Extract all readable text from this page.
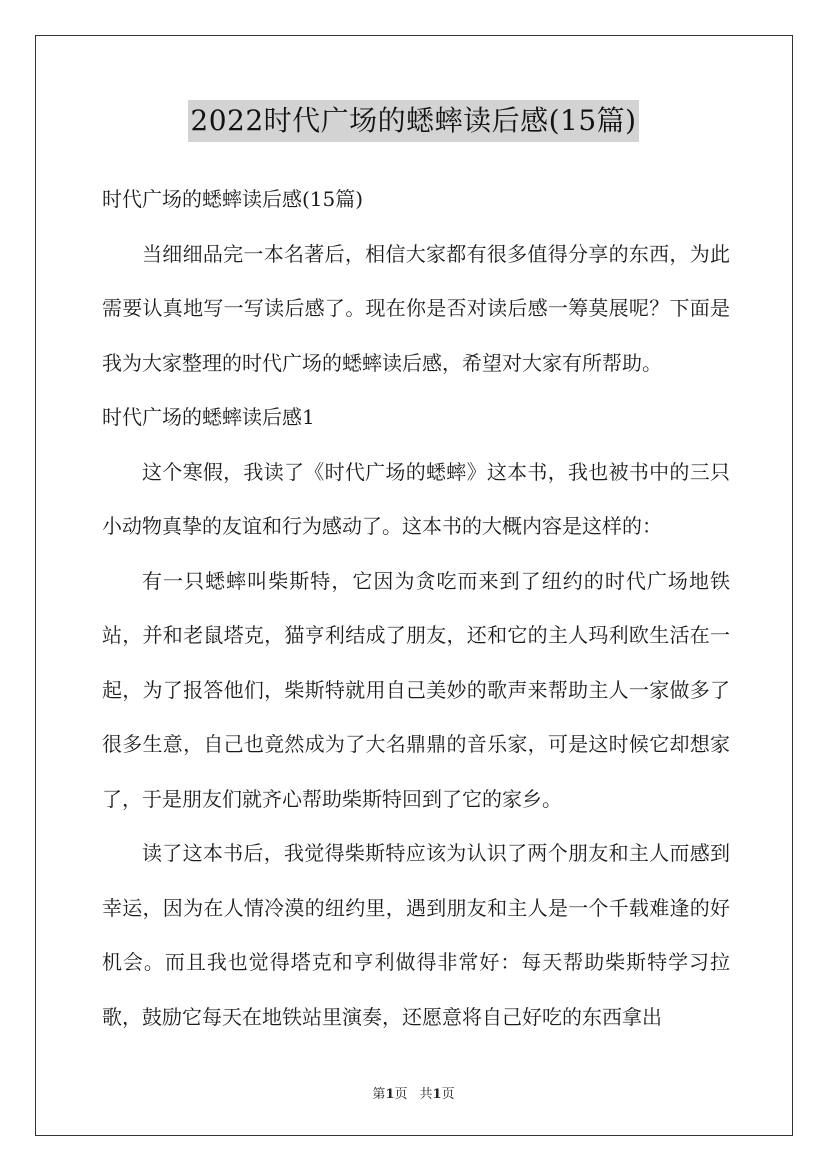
2022时代广场的蟋蟀读后感(15篇)

时代广场的蟋蟀读后感(15篇)

当细细品完一本名著后，相信大家都有很多值得分享的东西，为此需要认真地写一写读后感了。现在你是否对读后感一筹莫展呢？下面是我为大家整理的时代广场的蟋蟀读后感，希望对大家有所帮助。

时代广场的蟋蟀读后感1

这个寒假，我读了《时代广场的蟋蟀》这本书，我也被书中的三只小动物真挚的友谊和行为感动了。这本书的大概内容是这样的：

有一只蟋蟀叫柴斯特，它因为贪吃而来到了纽约的时代广场地铁站，并和老鼠塔克，猫亨利结成了朋友，还和它的主人玛利欧生活在一起，为了报答他们，柴斯特就用自己美妙的歌声来帮助主人一家做多了很多生意，自己也竟然成为了大名鼎鼎的音乐家，可是这时候它却想家了，于是朋友们就齐心帮助柴斯特回到了它的家乡。

读了这本书后，我觉得柴斯特应该为认识了两个朋友和主人而感到幸运，因为在人情冷漠的纽约里，遇到朋友和主人是一个千载难逢的好机会。而且我也觉得塔克和亨利做得非常好：每天帮助柴斯特学习拉歌，鼓励它每天在地铁站里演奏，还愿意将自己好吃的东西拿出

第1页 共1页
